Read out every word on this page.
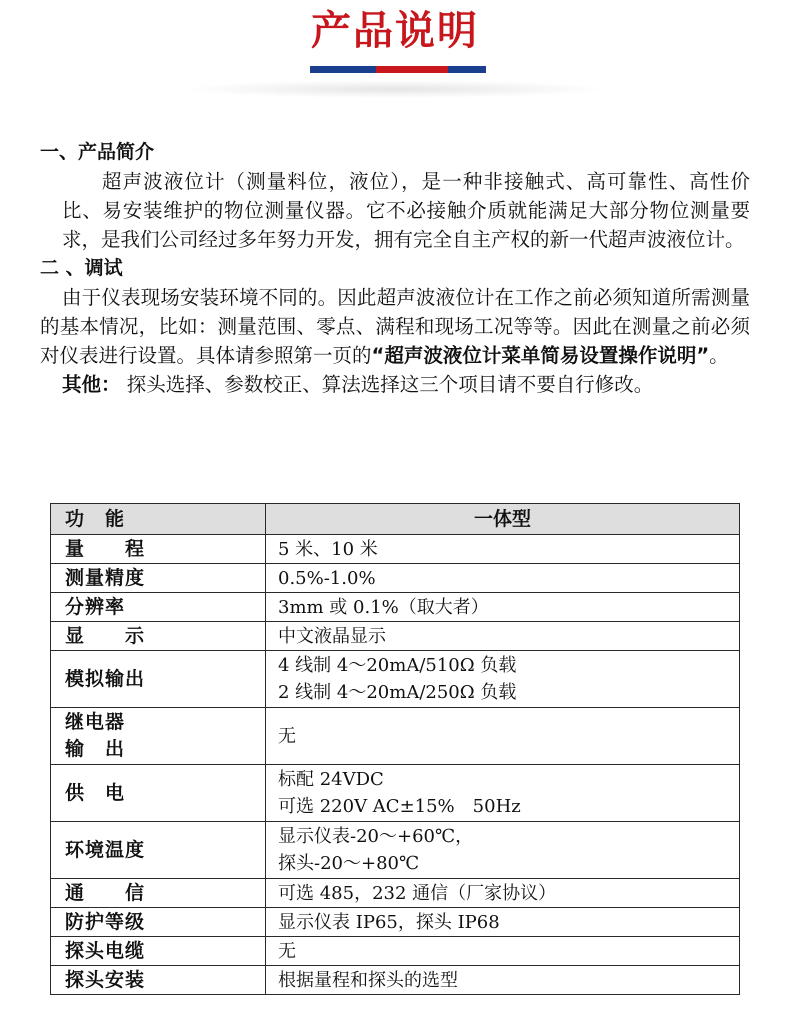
产品说明

一、产品简介

超声波液位计（测量料位，液位），是一种非接触式、高可靠性、高性价比、易安装维护的物位测量仪器。它不必接触介质就能满足大部分物位测量要求，是我们公司经过多年努力开发，拥有完全自主产权的新一代超声波液位计。

二 、调试

由于仪表现场安装环境不同的。因此超声波液位计在工作之前必须知道所需测量的基本情况，比如：测量范围、零点、满程和现场工况等等。因此在测量之前必须对仪表进行设置。具体请参照第一页的“超声波液位计菜单简易设置操作说明”。

其他： 探头选择、参数校正、算法选择这三个项目请不要自行修改。

功　能	一体型
量　　程	5 米、10 米
测量精度	0.5%-1.0%
分辨率	3mm 或 0.1%（取大者）
显　　示	中文液晶显示
模拟输出	4 线制 4～20mA/510Ω 负载
2 线制 4～20mA/250Ω 负载

继电器
输　出	无
供　电	标配 24VDC
可选 220V AC±15%　50Hz

环境温度	显示仪表-20～+60℃，
探头-20～+80℃

通　　信	可选 485，232 通信（厂家协议）
防护等级	显示仪表 IP65，探头 IP68
探头电缆	无
探头安装	根据量程和探头的选型
